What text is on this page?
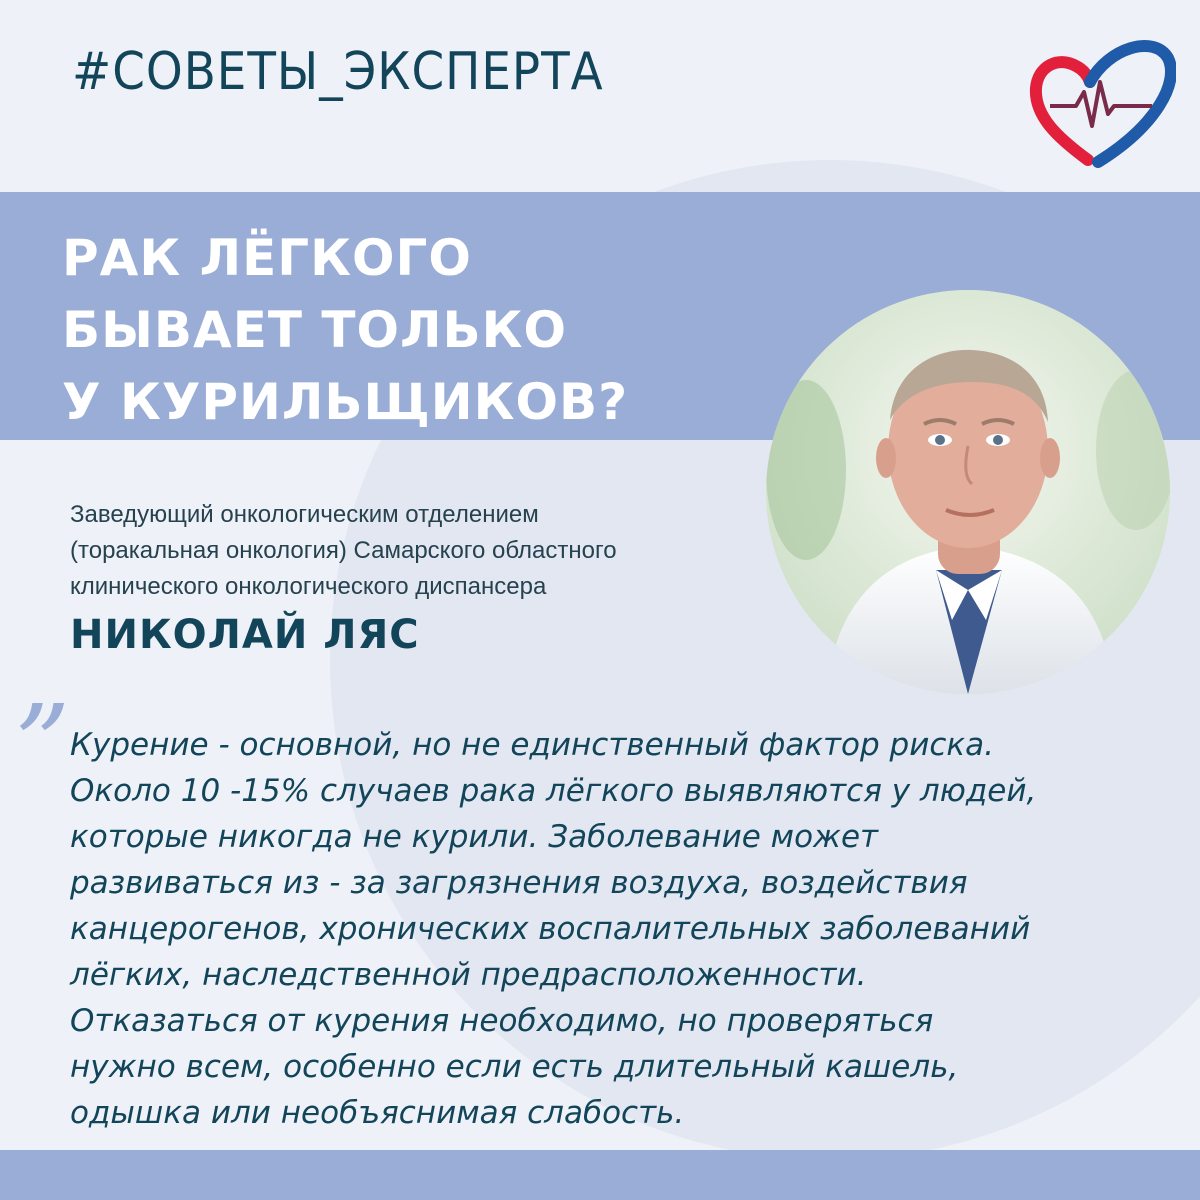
#СОВЕТЫ_ЭКСПЕРТА
РАК ЛЁГКОГО
БЫВАЕТ ТОЛЬКО
У КУРИЛЬЩИКОВ?
Заведующий онкологическим отделением
(торакальная онкология) Самарского областного
клинического онкологического диспансера
НИКОЛАЙ ЛЯС
” Курение - основной, но не единственный фактор риска.
Около 10 -15% случаев рака лёгкого выявляются у людей,
которые никогда не курили. Заболевание может
развиваться из - за загрязнения воздуха, воздействия
канцерогенов, хронических воспалительных заболеваний
лёгких, наследственной предрасположенности.
Отказаться от курения необходимо, но проверяться
нужно всем, особенно если есть длительный кашель,
одышка или необъяснимая слабость.
